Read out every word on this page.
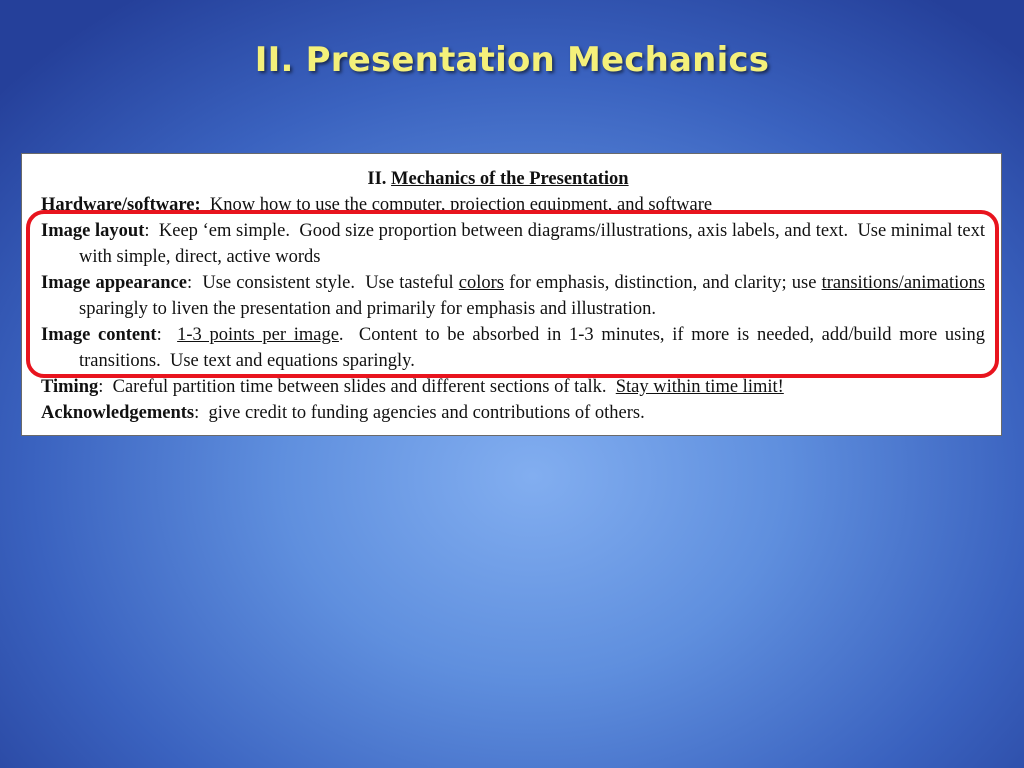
II. Presentation Mechanics
II. Mechanics of the Presentation
Hardware/software:  Know how to use the computer, projection equipment, and software
Image layout:  Keep ‘em simple.  Good size proportion between diagrams/illustrations, axis labels, and text.  Use minimal text with simple, direct, active words
Image appearance:  Use consistent style.  Use tasteful colors for emphasis, distinction, and clarity; use transitions/animations sparingly to liven the presentation and primarily for emphasis and illustration.
Image content:  1-3 points per image.  Content to be absorbed in 1-3 minutes, if more is needed, add/build more using transitions.  Use text and equations sparingly.
Timing:  Careful partition time between slides and different sections of talk.  Stay within time limit!
Acknowledgements:  give credit to funding agencies and contributions of others.
